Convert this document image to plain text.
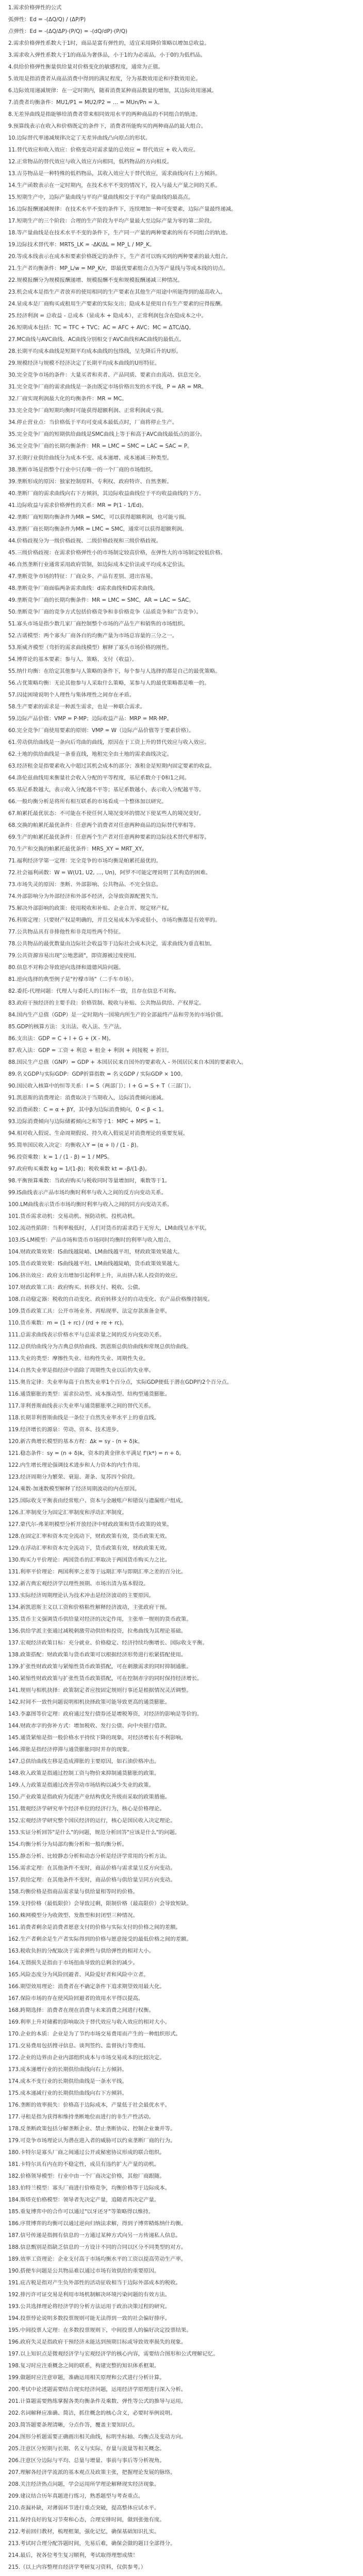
1.需求价格弹性的公式
弧弹性：Ed = -(ΔQ/Q) / (ΔP/P)
点弹性：Ed = -(ΔQ/ΔP)·(P/Q) = -(dQ/dP)·(P/Q)
2.需求价格弹性系数大于1时，商品是富有弹性的，适宜采用降价策略以增加总收益。
3.需求收入弹性系数大于1的商品为奢侈品，小于1的为必需品，小于0的为低档品。
4.供给价格弹性衡量供给量对价格变化的敏感程度，通常为正值。
5.效用是指消费者从商品消费中得到的满足程度，分为基数效用论和序数效用论。
6.边际效用递减规律：在一定时期内，随着消费某种商品数量的增加，其边际效用递减。
7.消费者均衡条件：MU1/P1 = MU2/P2 = … = MUn/Pn = λ。
8.无差异曲线是指能够给消费者带来相同效用水平的两种商品的不同组合的轨迹。
9.预算线表示在收入和价格既定的条件下，消费者所能购买的两种商品的最大组合。
10.边际替代率递减规律决定了无差异曲线凸向原点的形状。
11.替代效应和收入效应：价格变动对需求量的总效应 = 替代效应 + 收入效应。
12.正常物品的替代效应与收入效应方向相同，低档物品的方向相反。
13.吉芬物品是一种特殊的低档物品，其收入效应大于替代效应，需求曲线向右上方倾斜。
14.生产函数表示在一定时期内，在技术水平不变的情况下，投入与最大产量之间的关系。
15.短期生产中，边际产量曲线与平均产量曲线相交于平均产量曲线的最高点。
16.边际报酬递减规律：在技术水平不变的条件下，连续增加一种可变要素，边际产量最终递减。
17.短期生产的三个阶段：合理的生产阶段为平均产量最大至边际产量为零的第二阶段。
18.等产量曲线是在技术水平不变的条件下，生产同一产量的两种要素的所有不同组合的轨迹。
19.边际技术替代率：MRTS_LK = -ΔK/ΔL = MP_L / MP_K。
20.等成本线表示在成本和要素价格既定的条件下，生产者可以购买到的两种要素的最大组合。
21.生产者均衡条件：MP_L/w = MP_K/r，即最优要素组合点为等产量线与等成本线的切点。
22.规模报酬分为规模报酬递增、规模报酬不变和规模报酬递减三种情况。
23.机会成本是指生产者放弃的使用相同的生产要素在其他生产用途中所能得到的最高收入。
24.显成本是厂商购买或租用生产要素的实际支出；隐成本是使用自有生产要素的应得报酬。
25.经济利润 = 总收益 - 总成本（显成本 + 隐成本），正常利润包含在隐成本之中。
26.短期成本包括：TC = TFC + TVC；AC = AFC + AVC；MC = ΔTC/ΔQ。
27.MC曲线与AVC曲线、AC曲线分别相交于AVC曲线和AC曲线的最低点。
28.长期平均成本曲线是短期平均成本曲线的包络线，呈先降后升的U形。
29.规模经济与规模不经济决定了长期平均成本曲线的U形特征。
30.完全竞争市场的条件：大量买者和卖者、产品同质、要素自由流动、信息完全。
31.完全竞争厂商的需求曲线是一条由既定市场价格出发的水平线，P = AR = MR。
32.厂商实现利润最大化的均衡条件：MR = MC。
33.完全竞争厂商短期均衡时可能获得超额利润、正常利润或亏损。
34.停止营业点：当价格低于平均可变成本最低点时，厂商将停止生产。
35.完全竞争厂商的短期供给曲线是SMC曲线上等于和高于AVC曲线最低点的部分。
36.完全竞争厂商的长期均衡条件：MR = LMC = SMC = LAC = SAC = P。
37.长期行业供给曲线分为成本不变、成本递增、成本递减三种类型。
38.垄断市场是指整个行业中只有唯一的一个厂商的市场组织。
39.垄断形成的原因：独家控制原料、专利权、政府特许、自然垄断。
40.垄断厂商的需求曲线向右下方倾斜，其边际收益曲线位于平均收益曲线的下方。
41.边际收益与需求价格弹性的关系：MR = P(1 - 1/Ed)。
42.垄断厂商短期均衡条件为MR = SMC，可以获得超额利润，也可能亏损。
43.垄断厂商长期均衡条件为MR = LMC = SMC，通常可以获得超额利润。
44.价格歧视分为一级价格歧视、二级价格歧视和三级价格歧视。
45.三级价格歧视：在需求价格弹性小的市场制定较高价格，在弹性大的市场制定较低价格。
46.自然垄断行业通常采用政府管制，如边际成本定价法或平均成本定价法。
47.垄断竞争市场的特征：厂商众多、产品有差别、进出容易。
48.垄断竞争厂商面临两条需求曲线：d需求曲线和D需求曲线。
49.垄断竞争厂商的长期均衡条件：MR = LMC = SMC，AR = LAC = SAC。
50.垄断竞争厂商的竞争方式包括价格竞争和非价格竞争（品质竞争和广告竞争）。
51.寡头市场是指少数几家厂商控制整个市场的产品生产和销售的市场组织。
52.古诺模型：两个寡头厂商各自的均衡产量为市场总容量的三分之一。
53.斯威齐模型（弯折的需求曲线模型）解释了寡头市场价格的刚性。
54.博弈论的基本要素：参与人、策略、支付（收益）。
55.纳什均衡：在给定其他参与人策略的条件下，每个参与人选择的都是自己的最优策略。
56.占优策略均衡：无论其他参与人采取什么策略，某参与人的最优策略都是唯一的。
57.囚徒困境说明个人理性与集体理性之间存在矛盾。
58.生产要素的需求是一种派生需求，也是一种联合需求。
59.边际产品价值：VMP = P·MP；边际收益产品：MRP = MR·MP。
60.完全竞争厂商使用要素的原则：VMP = W（边际产品价值等于要素价格）。
61.劳动供给曲线是一条向后弯曲的曲线，原因在于工资上升的替代效应与收入效应。
62.土地的供给曲线是一条垂直线，地租完全由土地的需求曲线决定。
63.经济租金是指要素收入中超过其机会成本的部分；准租金是短期内固定要素的收益。
64.洛伦兹曲线用来衡量社会收入分配的平等程度，基尼系数介于0和1之间。
65.基尼系数越大，表示收入分配越不平等；基尼系数越小，表示收入分配越平等。
66.一般均衡分析是将所有相互联系的市场看成一个整体加以研究。
67.帕累托最优状态：不可能在不使任何人境况变坏的情况下使某些人的境况变好。
68.交换的帕累托最优条件：任意两个消费者对任意两种商品的边际替代率相等。
69.生产的帕累托最优条件：任意两个生产者对任意两种要素的边际技术替代率相等。
70.生产和交换的帕累托最优条件：MRS_XY = MRT_XY。
71.福利经济学第一定理：完全竞争的市场均衡是帕累托最优的。
72.社会福利函数：W = W(U1, U2, …, Un)，阿罗不可能定理说明了其构造的困难。
73.市场失灵的原因：垄断、外部影响、公共物品、不完全信息。
74.外部影响分为外部经济和外部不经济，会导致资源配置失当。
75.解决外部影响的政策：使用税收和补贴、企业合并、规定财产权。
76.科斯定理：只要财产权是明确的，并且交易成本为零或很小，市场均衡都是有效率的。
77.公共物品具有非排他性和非竞用性两个特征。
78.公共物品的最优数量由边际社会收益等于边际社会成本决定，需求曲线为垂直相加。
79.公共资源容易出现"公地悲剧"，即资源被过度使用。
80.信息不对称会导致逆向选择和道德风险问题。
81.逆向选择的典型例子是"柠檬市场"（二手车市场）。
82.委托-代理问题：代理人与委托人的目标不一致，且存在信息不对称。
83.政府干预经济的主要手段：价格管制、税收与补贴、公共物品供给、产权界定。
84.国内生产总值（GDP）是一定时期内一国境内所生产的全部最终产品和劳务的市场价值。
85.GDP的核算方法：支出法、收入法、生产法。
86.支出法：GDP = C + I + G + (X - M)。
87.收入法：GDP = 工资 + 利息 + 租金 + 利润 + 间接税 + 折旧。
88.国民生产总值（GNP）= GDP + 本国居民来自国外的要素收入 - 外国居民来自本国的要素收入。
89.名义GDP与实际GDP：GDP折算指数 = 名义GDP / 实际GDP × 100。
90.国民收入核算中的恒等关系：I = S（两部门）；I + G = S + T（三部门）。
91.凯恩斯的消费理论：消费取决于当期收入，边际消费倾向递减。
92.消费函数：C = α + βY，其中β为边际消费倾向，0 < β < 1。
93.边际消费倾向与边际储蓄倾向之和等于1：MPC + MPS = 1。
94.相对收入假说、生命周期假说、持久收入假说是对消费理论的重要发展。
95.简单国民收入决定：均衡收入Y = (α + I) / (1 - β)。
96.投资乘数：k = 1 / (1 - β) = 1 / MPS。
97.政府购买乘数 kg = 1/(1-β)；税收乘数 kt = -β/(1-β)。
98.平衡预算乘数：当政府购买与税收同时等量增加时，乘数等于1。
99.IS曲线表示产品市场均衡时利率与收入之间的反方向变动关系。
100.LM曲线表示货币市场均衡时利率与收入之间的同方向变动关系。
101.货币需求动机：交易动机、预防动机、投机动机。
102.流动性陷阱：当利率极低时，人们对货币的需求趋于无穷大，LM曲线呈水平状。
103.IS-LM模型：产品市场和货币市场同时均衡时的利率与收入组合。
104.财政政策效果：IS曲线越陡峭、LM曲线越平坦，财政政策效果越大。
105.货币政策效果：IS曲线越平坦、LM曲线越陡峭，货币政策效果越大。
106.挤出效应：政府支出增加引起利率上升，从而挤占私人投资的效应。
107.财政政策工具：政府购买、转移支付、税收、公债。
108.自动稳定器：税收的自动变化、政府转移支付的自动变化、农产品价格维持制度。
109.货币政策工具：公开市场业务、再贴现率、法定存款准备金率。
110.货币乘数：m = (1 + rc) / (rd + re + rc)。
111.总需求曲线表示价格水平与总需求量之间的反方向变动关系。
112.总供给曲线分为古典总供给曲线、凯恩斯总供给曲线和常规总供给曲线。
113.失业的类型：摩擦性失业、结构性失业、周期性失业。
114.自然失业率是指经济中消除了周期性失业以后的失业率。
115.奥肯定律：失业率每高于自然失业率1个百分点，实际GDP便低于潜在GDP约2个百分点。
116.通货膨胀的类型：需求拉动型、成本推动型、结构型通货膨胀。
117.菲利普斯曲线表示失业率与通货膨胀率之间的替代关系。
118.长期菲利普斯曲线是一条位于自然失业率水平上的垂直线。
119.经济增长的源泉：劳动、资本、技术进步。
120.新古典增长模型的基本方程：Δk = sy - (n + δ)k。
121.稳态条件：sy = (n + δ)k，资本的黄金律水平满足 f'(k*) = n + δ。
122.内生增长理论强调技术进步和人力资本的内生作用。
123.经济周期分为繁荣、衰退、萧条、复苏四个阶段。
124.乘数-加速数模型解释了经济周期波动的内在原因。
125.国际收支平衡表由经常账户、资本与金融账户和错误与遗漏账户组成。
126.汇率制度分为固定汇率制度和浮动汇率制度。
127.蒙代尔-弗莱明模型分析开放经济中财政政策和货币政策的效果。
128.在固定汇率和资本完全流动下，财政政策有效，货币政策无效。
129.在浮动汇率和资本完全流动下，货币政策有效，财政政策无效。
130.购买力平价理论：两国货币的汇率取决于两国货币购买力之比。
131.利率平价理论：两国利率之差等于远期汇率与即期汇率之差的百分比。
132.新古典宏观经济学以理性预期、市场出清为基本假设。
133.实际经济周期理论认为技术冲击是经济波动的主要原因。
134.新凯恩斯主义以工资和价格粘性解释经济波动，主张政府干预。
135.货币主义强调货币供给量对经济的决定作用，主张单一规则的货币政策。
136.供给学派主张通过减税刺激劳动供给和投资，拉弗曲线为其理论基础。
137.宏观经济政策目标：充分就业、价格稳定、经济持续均衡增长、国际收支平衡。
138.政策搭配：财政政策与货币政策可以根据经济形势进行松紧搭配使用。
139.扩张性财政政策与紧缩性货币政策搭配，可在刺激需求的同时抑制通胀。
140.紧缩性财政政策与扩张性货币政策搭配，可在控制赤字的同时保持经济增长。
141.规则与相机抉择：政策制定者应按固定规则行事还是根据情况灵活调整。
142.时间不一致性问题说明相机抉择政策可能导致更高的通货膨胀。
143.李嘉图等价定理：政府通过发行债券还是增税筹资，对经济的影响是等价的。
144.财政赤字的弥补方式：增加税收、发行公债、向中央银行借款。
145.通货紧缩是指一般价格水平持续下降的现象，对经济增长有不利影响。
146.滞胀是指经济停滞与通货膨胀同时并存的现象。
147.总供给曲线左移是造成滞胀的主要原因，如石油价格冲击。
148.收入政策是指通过控制工资与物价来抑制通货膨胀的政策。
149.人力政策是指通过改善劳动市场结构以减少失业的政策。
150.产业政策是指政府为促进产业结构优化升级而采取的政策措施。
151.微观经济学研究单个经济单位的经济行为，核心是价格理论。
152.宏观经济学研究整个国民经济的运行，核心是国民收入决定理论。
153.实证分析回答"是什么"的问题，规范分析回答"应该是什么"的问题。
154.均衡分析分为局部均衡分析和一般均衡分析。
155.静态分析、比较静态分析和动态分析是经济学常用的分析方法。
156.需求定理：在其他条件不变时，商品价格与需求量呈反方向变动。
157.供给定理：在其他条件不变时，商品价格与供给量呈同方向变动。
158.均衡价格是指商品需求量与供给量相等时的价格。
159.支持价格（最低限价）会导致过剩，限制价格（最高限价）会导致短缺。
160.蛛网模型分为收敛型、发散型和封闭型三种情况。
161.消费者剩余是消费者愿意支付的价格与实际支付的价格之间的差额。
162.生产者剩余是生产者实际得到的价格与愿意接受的最低价格之间的差额。
163.税收负担的分配取决于需求弹性与供给弹性的相对大小。
164.无谓损失是指由于市场扭曲导致的总剩余的减少。
165.风险态度分为风险回避者、风险爱好者和风险中立者。
166.期望效用理论：消费者在不确定条件下追求期望效用最大化。
167.保险市场的存在使风险回避者的效用水平得以提高。
168.跨期选择：消费者在现在消费与未来消费之间进行权衡。
169.利率上升对储蓄的影响取决于替代效应与收入效应的相对大小。
170.企业的本质：企业是为了节约市场交易费用而产生的一种组织形式。
171.交易费用包括搜寻信息、谈判签约、监督执行等费用。
172.企业的边界由企业内部组织成本与市场交易成本的比较决定。
173.成本递增行业的长期供给曲线向右上方倾斜。
174.成本不变行业的长期供给曲线是一条水平线。
175.成本递减行业的长期供给曲线向右下方倾斜。
176.垄断的效率损失：价格高于边际成本，产量低于社会最优水平。
177.寻租是指为获得和维持垄断地位而进行的非生产性活动。
178.反垄断政策包括分解垄断企业、禁止垄断协议、控制企业兼并等。
179.可竞争市场理论认为潜在进入者的威胁可以约束垄断厂商的行为。
180.卡特尔是寡头厂商之间通过公开或秘密协议形成的联合组织。
181.卡特尔具有内在的不稳定性，成员有违约扩大产量的动机。
182.价格领导模型：行业中由一个厂商决定价格，其他厂商跟随。
183.伯特兰模型：寡头厂商进行价格竞争，均衡价格等于边际成本。
184.斯塔克伯格模型：领导者先决定产量，追随者再决定产量。
185.重复博弈中的合作可以通过"以牙还牙"等策略得以维持。
186.序贯博弈的均衡可以通过逆向归纳法求解，得到子博弈精炼纳什均衡。
187.信号传递是指拥有信息的一方通过某种方式向另一方传递私人信息。
188.信息甄别是指缺乏信息的一方设计不同的合同以区分不同类型的对方。
189.效率工资理论：企业支付高于市场均衡水平的工资以提高劳动生产率。
190.搭便车问题是公共物品难以通过市场有效供给的重要原因。
191.庇古税是指对产生负外部性的活动征收相当于边际外部成本的税收。
192.排污许可证交易是利用市场机制解决环境污染问题的有效方法。
193.公共选择理论将经济学的分析方法运用于政治决策过程的研究。
194.投票悖论说明多数投票规则可能无法得到一致的社会偏好排序。
195.中间投票人定理：在多数投票规则下，中间投票人的偏好决定投票结果。
196.政府失灵是指政府干预经济未能达到预期目标或导致效率损失的现象。
197.以上知识点是微观经济学与宏观经济学的核心内容，需要结合图形和公式理解记忆。
198.复习时应注重概念之间的联系，构建完整的知识体系框架。
199.做题时应注意审题，准确运用相关原理和公式进行分析计算。
200.考试中论述题需要结合现实经济问题，运用经济学原理进行深入分析。
201.计算题需要熟练掌握各类均衡条件及乘数、弹性等公式的推导与运用。
202.名词解释应准确、简洁，抓住概念的核心含义，必要时举例说明。
203.简答题要条理清晰，分点作答，覆盖主要知识点。
204.图形分析题需要正确画出相关曲线，标明坐标轴、均衡点及变动方向。
205.注意区分短期与长期、名义与实际、存量与流量等相关概念。
206.注意区分边际与平均、总量与增量、事前与事后等分析视角。
207.理解各经济学流派的基本观点及政策主张，把握理论发展的脉络。
208.关注经济热点问题，学会运用所学理论解释现实经济现象。
209.建议结合历年真题进行练习，熟悉题型与考查重点。
210.查漏补缺，对薄弱环节进行重点突破，提高整体应试水平。
211.保持良好的复习节奏和心态，合理安排时间，做到张弛有度。
212.考前回归教材，梳理框架，强化记忆，确保基础知识扎实。
213.考试时合理分配答题时间，先易后难，确保会做的题目全部得分。
214.最后，祝各位考生复习顺利，考试取得理想成绩！
215.（以上内容整理自经济学考研复习资料，仅供参考。）
